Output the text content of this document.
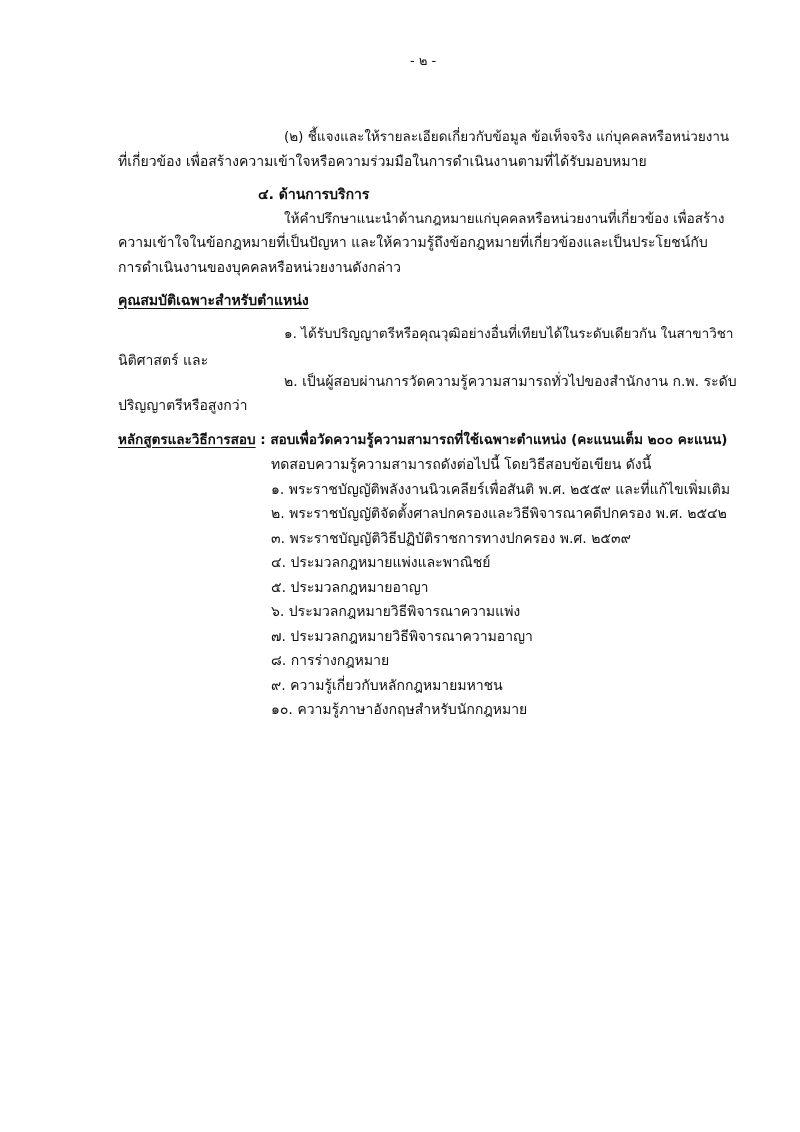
- ๒ -
(๒) ชี้แจงและให้รายละเอียดเกี่ยวกับข้อมูล ข้อเท็จจริง แก่บุคคลหรือหน่วยงาน
ที่เกี่ยวข้อง เพื่อสร้างความเข้าใจหรือความร่วมมือในการดำเนินงานตามที่ได้รับมอบหมาย
๔. ด้านการบริการ
ให้คำปรึกษาแนะนำด้านกฎหมายแก่บุคคลหรือหน่วยงานที่เกี่ยวข้อง เพื่อสร้าง
ความเข้าใจในข้อกฎหมายที่เป็นปัญหา และให้ความรู้ถึงข้อกฎหมายที่เกี่ยวข้องและเป็นประโยชน์กับ
การดำเนินงานของบุคคลหรือหน่วยงานดังกล่าว
คุณสมบัติเฉพาะสำหรับตำแหน่ง
๑. ได้รับปริญญาตรีหรือคุณวุฒิอย่างอื่นที่เทียบได้ในระดับเดียวกัน ในสาขาวิชา
นิติศาสตร์ และ
๒. เป็นผู้สอบผ่านการวัดความรู้ความสามารถทั่วไปของสำนักงาน ก.พ. ระดับ
ปริญญาตรีหรือสูงกว่า
หลักสูตรและวิธีการสอบ : สอบเพื่อวัดความรู้ความสามารถที่ใช้เฉพาะตำแหน่ง (คะแนนเต็ม ๒๐๐ คะแนน)
ทดสอบความรู้ความสามารถดังต่อไปนี้ โดยวิธีสอบข้อเขียน ดังนี้
๑. พระราชบัญญัติพลังงานนิวเคลียร์เพื่อสันติ พ.ศ. ๒๕๕๙ และที่แก้ไขเพิ่มเติม
๒. พระราชบัญญัติจัดตั้งศาลปกครองและวิธีพิจารณาคดีปกครอง พ.ศ. ๒๕๔๒
๓. พระราชบัญญัติวิธีปฏิบัติราชการทางปกครอง พ.ศ. ๒๕๓๙
๔. ประมวลกฎหมายแพ่งและพาณิชย์
๕. ประมวลกฎหมายอาญา
๖. ประมวลกฎหมายวิธีพิจารณาความแพ่ง
๗. ประมวลกฎหมายวิธีพิจารณาความอาญา
๘. การร่างกฎหมาย
๙. ความรู้เกี่ยวกับหลักกฎหมายมหาชน
๑๐. ความรู้ภาษาอังกฤษสำหรับนักกฎหมาย
